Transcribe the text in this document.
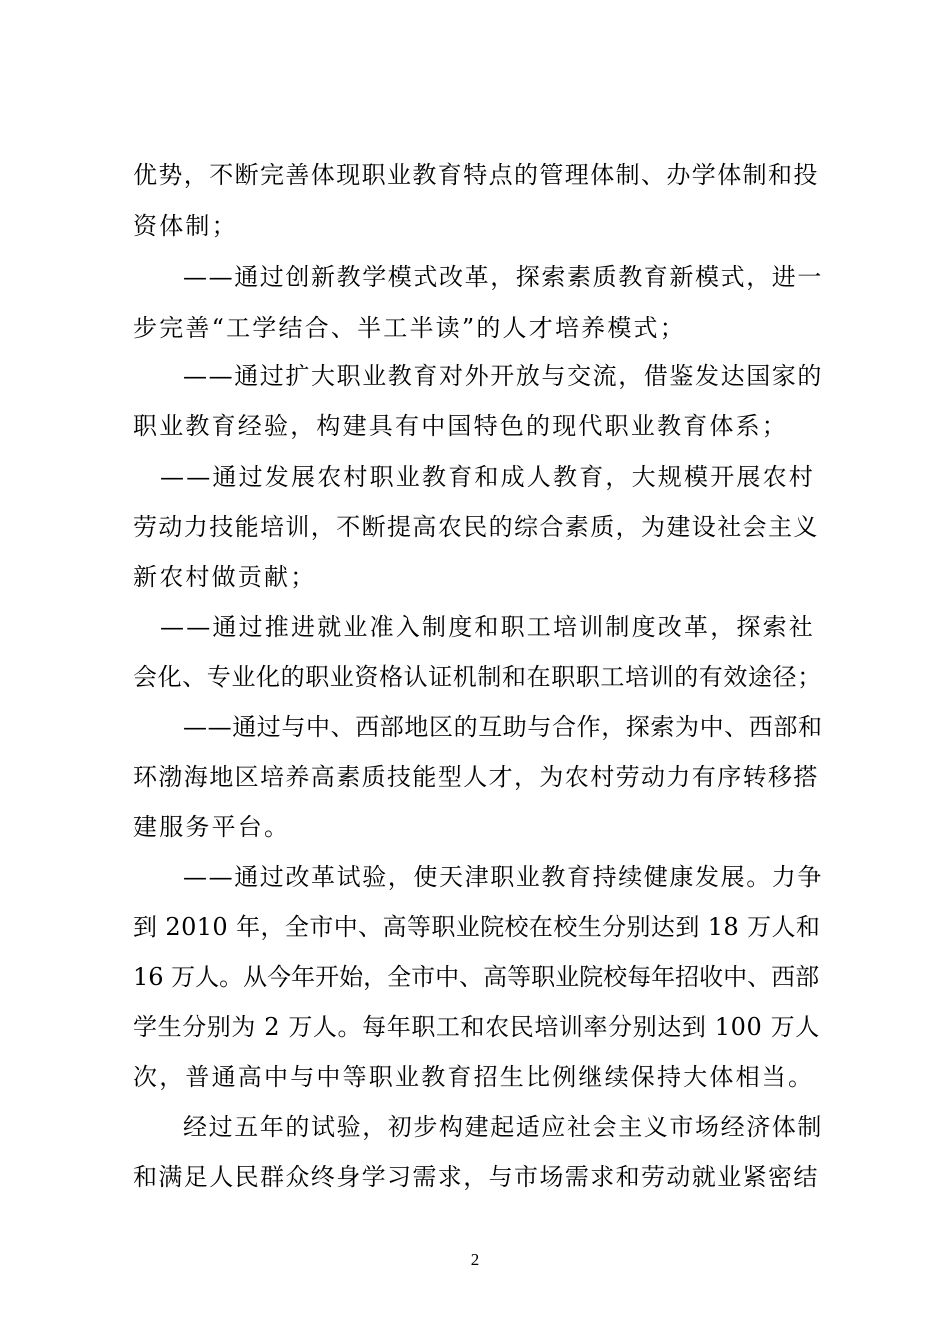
优势，不断完善体现职业教育特点的管理体制、办学体制和投
资体制；
——通过创新教学模式改革，探索素质教育新模式，进一
步完善“工学结合、半工半读”的人才培养模式；
——通过扩大职业教育对外开放与交流，借鉴发达国家的
职业教育经验，构建具有中国特色的现代职业教育体系；
——通过发展农村职业教育和成人教育，大规模开展农村
劳动力技能培训，不断提高农民的综合素质，为建设社会主义
新农村做贡献；
——通过推进就业准入制度和职工培训制度改革，探索社
会化、专业化的职业资格认证机制和在职职工培训的有效途径；
——通过与中、西部地区的互助与合作，探索为中、西部和
环渤海地区培养高素质技能型人才，为农村劳动力有序转移搭
建服务平台。
——通过改革试验，使天津职业教育持续健康发展。力争
到 2010 年，全市中、高等职业院校在校生分别达到 18 万人和
16 万人。从今年开始，全市中、高等职业院校每年招收中、西部
学生分别为 2 万人。每年职工和农民培训率分别达到 100 万人
次，普通高中与中等职业教育招生比例继续保持大体相当。
经过五年的试验，初步构建起适应社会主义市场经济体制
和满足人民群众终身学习需求，与市场需求和劳动就业紧密结
2
